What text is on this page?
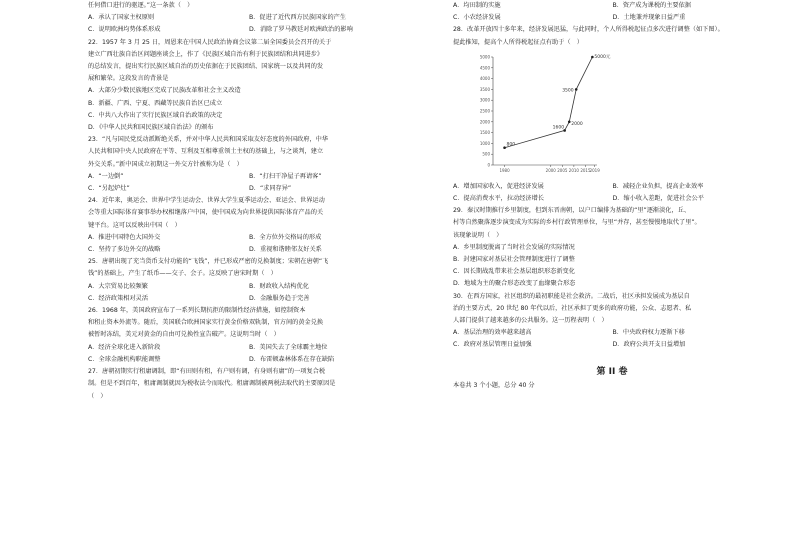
任何借口进行的驱逐。”这一条款（　）

A．承认了国家主权原则	B．促进了近代西方民族国家的产生
C．说明欧洲均势体系形成	D．消除了罗马教廷对欧洲政治的影响

22．1957 年 3 月 25 日，周恩来在中国人民政治协商会议第二届全国委员会召开的关于

建立广西壮族自治区问题座谈会上，作了《民族区域自治有利于民族团结和共同进步》

的总结发言，提出实行民族区域自治的历史依据在于民族团结、国家统一以及共同的发

展和繁荣。这段发言的背景是

A．大部分少数民族地区完成了民族改革和社会主义改造

B．新疆、广西、宁夏、西藏等民族自治区已成立

C．中共八大作出了实行民族区域自治政策的决定

D．《中华人民共和国民族区域自治法》的颁布

23．“凡与国民党反动派断绝关系，并对中华人民共和国采取友好态度的外国政府，中华

人民共和国中央人民政府在平等、互利及互相尊重领土主权的基础上，与之谈判，建立

外交关系。”新中国成立初期这一外交方针被称为是（　）

A．“一边倒”	B．“打扫干净屋子再请客”
C．“另起炉灶”	D．“求同存异”

24．近年来，奥运会、世界中学生运动会、世界大学生夏季运动会、亚运会、世界运动

会等重大国际体育赛事举办权相继落户中国，使中国成为向世界提供国际体育产品的关

键平台。这可以反映出中国（　）

A．推进中国特色大国外交	B．全方位外交格局的形成
C．坚持了多边外交的战略	D．重视和谐睦邻友好关系

25．唐朝出现了充当货币支付功能的“飞钱”，并已形成严密的兑换制度；宋朝在唐朝“飞

钱”的基础上，产生了纸币——交子、会子。这反映了唐宋时期（　）

A．大宗贸易比较频繁	B．财政收入结构优化
C．经济政策相对灵活	D．金融服务趋于完善

26．1968 年，美国政府宣布了一系列长期抗拒的限制性经济措施，如控制资本

和租止资本外流等。随后，美国联合欧洲国家实行黄金价格双轨制，官方间的黄金兑换

被暂时冻结，美元对黄金的自由可兑换性宣告破产。这说明当时（　）

A．经济全球化进入新阶段	B．美国失去了全球霸主地位
C．全球金融机构职能调整	D．布雷顿森林体系在存在缺陷

27．唐朝初期实行租庸调制，即“有田则有租，有户则有调，有身则有庸”的一项复合税

制。但是不到百年，租庸调制就因为税收法令而取代。租庸调制被两税法取代的主要原因是

（　）

A．均田制的实施	B．资产成为课税的主要依据
C．小农经济发展	D．土地兼并现象日益严重

28．改革开放四十多年来，经济发展迅猛，与此同时，个人所得税起征点多次进行调整（如下图）。

提此推知，提高个人所得税起征点有助于（　）

0
500
1000
1500
2000
2500
3000
3500
4000
4500
5000
1980	2000 2005 2010 2015 2019
800
1600
2000
3500
5000元
A．增加国家收入，促进经济发展	B．减轻企业负担，提高企业效率
C．提高消费水平，拉动经济增长	D．缩小收入差距，促进社会公平

29．秦汉时期推行乡里制度，但到东晋南朝，以户口编排为基础的“里”逐渐淡化，丘、

村等自然聚落逐步演变成为实际的乡村行政管理单位，与里“并存，甚至慢慢地取代了里”。

该现象说明（　）

A．乡里制度脱离了当时社会发展的实际情况

B．封建国家对基层社会管理制度进行了调整

C．因长期战乱带来社会基层组织形态新变化

D．地域为主的聚合形态改变了血缘聚合形态

30．在西方国家，社区组织的最初职能是社会救济。二战后，社区承担发展成为基层自

治的主要方式，20 世纪 80 年代以后，社区承担了更多的政府功能，公众、志愿者、私

人部门提供了越来越多的公共服务。这一历程表明（　）

A．基层治理的效率越来越高	B．中央政府权力逐渐下移
C．政府对基层管理日益加强	D．政府公共开支日益增加
第 II 卷

本卷共 3 个小题，总分 40 分
